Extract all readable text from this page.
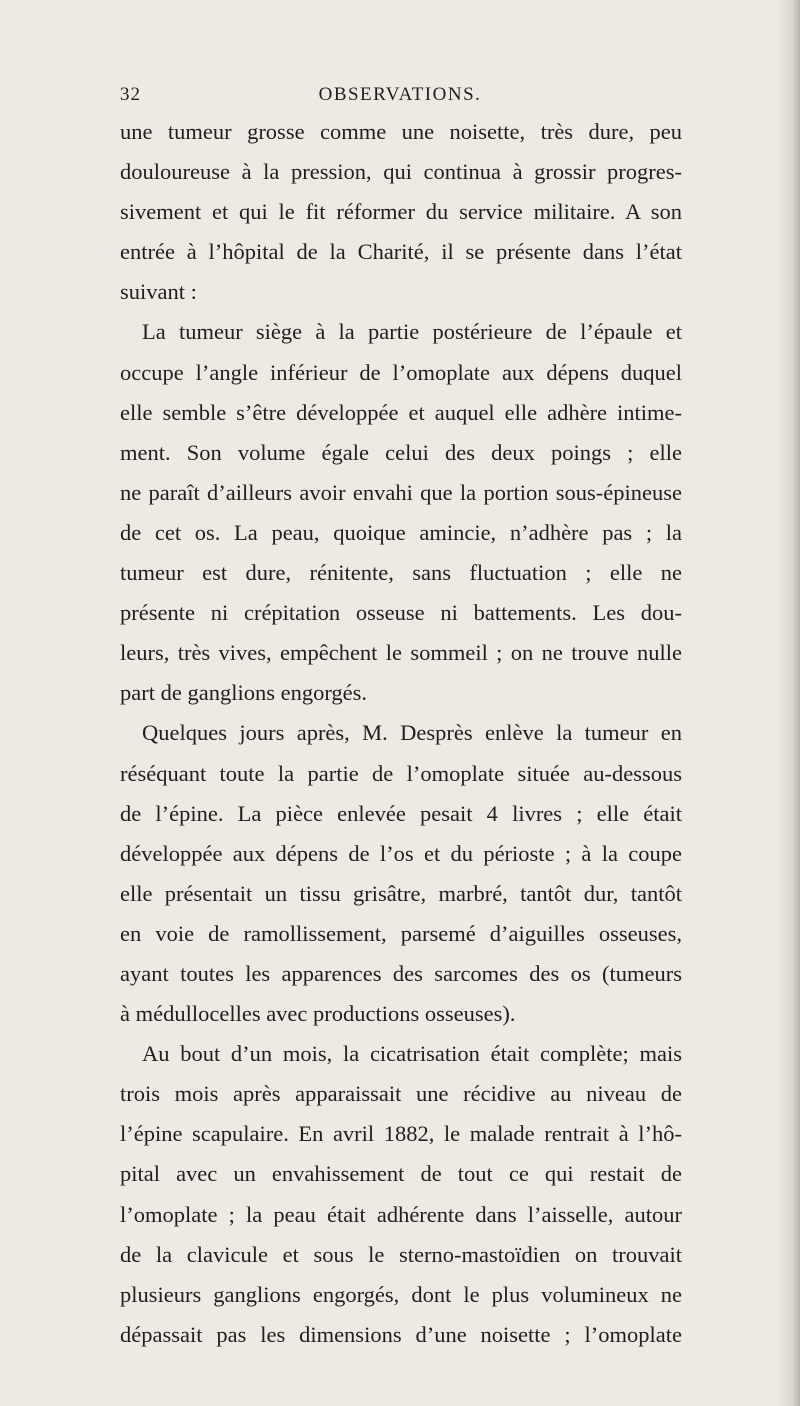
32	OBSERVATIONS.
une tumeur grosse comme une noisette, très dure, peu
douloureuse à la pression, qui continua à grossir progres-
sivement et qui le fit réformer du service militaire. A son
entrée à l’hôpital de la Charité, il se présente dans l’état
suivant :
La tumeur siège à la partie postérieure de l’épaule et
occupe l’angle inférieur de l’omoplate aux dépens duquel
elle semble s’être développée et auquel elle adhère intime-
ment. Son volume égale celui des deux poings ; elle
ne paraît d’ailleurs avoir envahi que la portion sous-épineuse
de cet os. La peau, quoique amincie, n’adhère pas ; la
tumeur est dure, rénitente, sans fluctuation ; elle ne
présente ni crépitation osseuse ni battements. Les dou-
leurs, très vives, empêchent le sommeil ; on ne trouve nulle
part de ganglions engorgés.
Quelques jours après, M. Desprès enlève la tumeur en
réséquant toute la partie de l’omoplate située au-dessous
de l’épine. La pièce enlevée pesait 4 livres ; elle était
développée aux dépens de l’os et du périoste ; à la coupe
elle présentait un tissu grisâtre, marbré, tantôt dur, tantôt
en voie de ramollissement, parsemé d’aiguilles osseuses,
ayant toutes les apparences des sarcomes des os (tumeurs
à médullocelles avec productions osseuses).
Au bout d’un mois, la cicatrisation était complète; mais
trois mois après apparaissait une récidive au niveau de
l’épine scapulaire. En avril 1882, le malade rentrait à l’hô-
pital avec un envahissement de tout ce qui restait de
l’omoplate ; la peau était adhérente dans l’aisselle, autour
de la clavicule et sous le sterno-mastoïdien on trouvait
plusieurs ganglions engorgés, dont le plus volumineux ne
dépassait pas les dimensions d’une noisette ; l’omoplate
